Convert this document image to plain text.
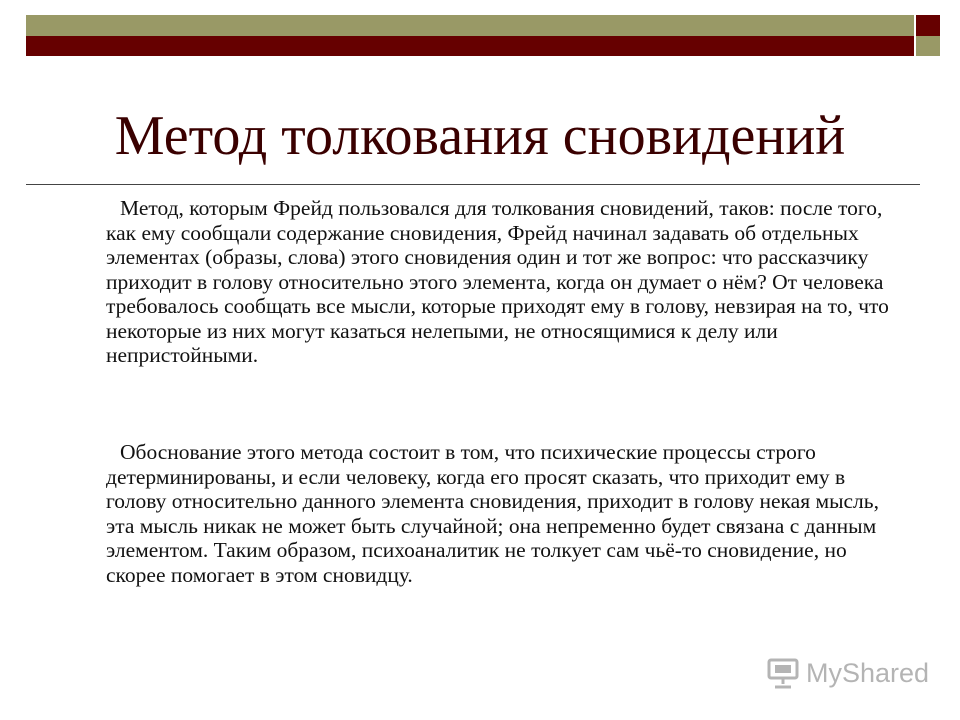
Метод толкования сновидений

Метод, которым Фрейд пользовался для толкования сновидений, таков: после того, как ему сообщали содержание сновидения, Фрейд начинал задавать об отдельных элементах (образы, слова) этого сновидения один и тот же вопрос: что рассказчику приходит в голову относительно этого элемента, когда он думает о нём? От человека требовалось сообщать все мысли, которые приходят ему в голову, невзирая на то, что некоторые из них могут казаться нелепыми, не относящимися к делу или непристойными.

Обоснование этого метода состоит в том, что психические процессы строго детерминированы, и если человеку, когда его просят сказать, что приходит ему в голову относительно данного элемента сновидения, приходит в голову некая мысль, эта мысль никак не может быть случайной; она непременно будет связана с данным элементом. Таким образом, психоаналитик не толкует сам чьё-то сновидение, но скорее помогает в этом сновидцу.

MyShared
